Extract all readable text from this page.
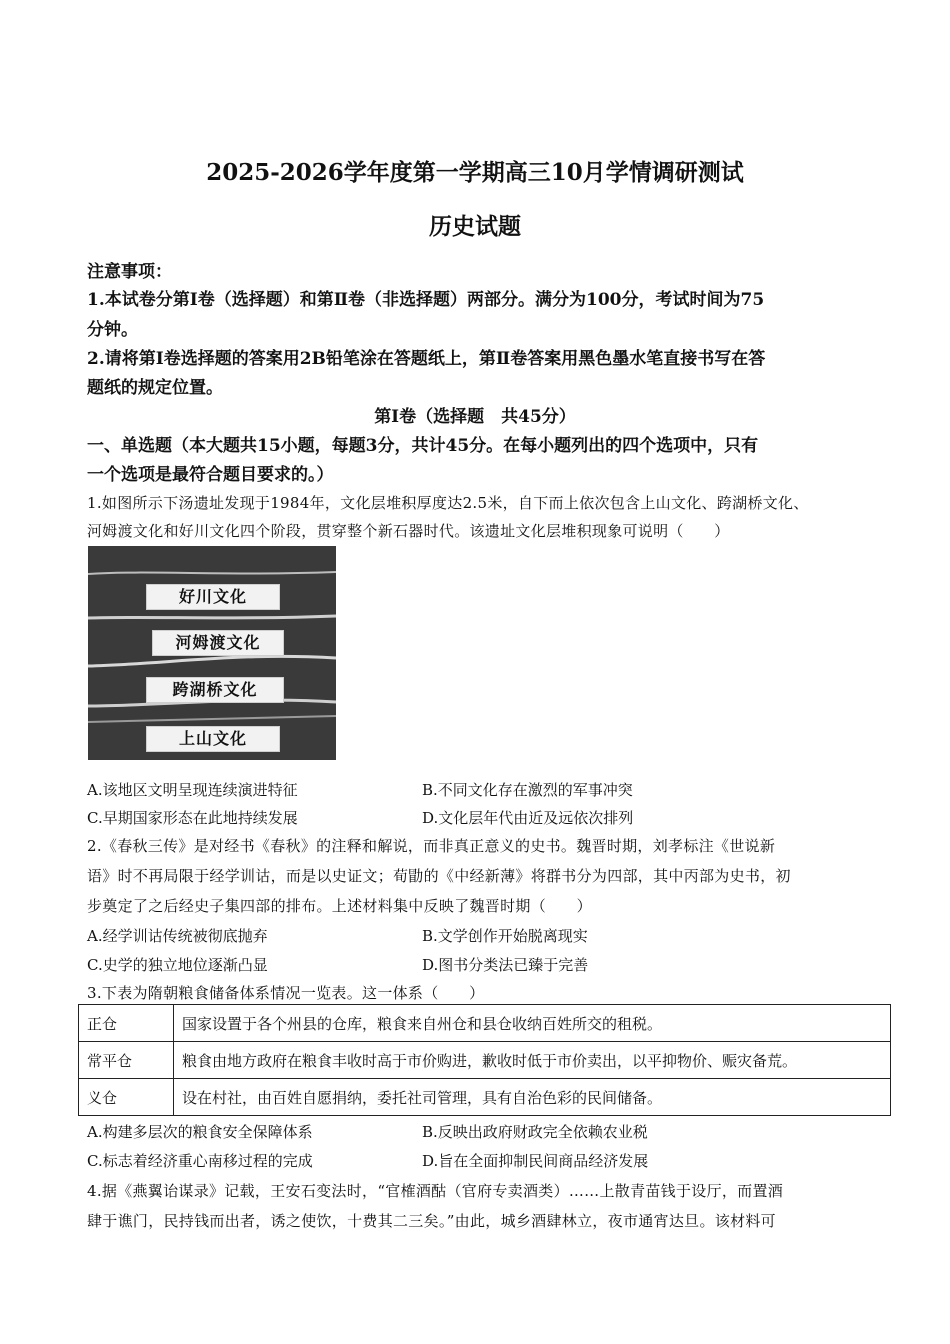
2025-2026学年度第一学期高三10月学情调研测试
历史试题
注意事项：
1.本试卷分第Ⅰ卷（选择题）和第Ⅱ卷（非选择题）两部分。满分为100分，考试时间为75
分钟。
2.请将第Ⅰ卷选择题的答案用2B铅笔涂在答题纸上，第Ⅱ卷答案用黑色墨水笔直接书写在答
题纸的规定位置。
第Ⅰ卷（选择题　共45分）
一、单选题（本大题共15小题，每题3分，共计45分。在每小题列出的四个选项中，只有
一个选项是最符合题目要求的。）
1.如图所示下汤遗址发现于1984年，文化层堆积厚度达2.5米，自下而上依次包含上山文化、跨湖桥文化、
河姆渡文化和好川文化四个阶段，贯穿整个新石器时代。该遗址文化层堆积现象可说明（　　）
好川文化
河姆渡文化
跨湖桥文化
上山文化
A.该地区文明呈现连续演进特征	B.不同文化存在激烈的军事冲突
C.早期国家形态在此地持续发展	D.文化层年代由近及远依次排列
2.《春秋三传》是对经书《春秋》的注释和解说，而非真正意义的史书。魏晋时期，刘孝标注《世说新
语》时不再局限于经学训诂，而是以史证文；荀勖的《中经新薄》将群书分为四部，其中丙部为史书，初
步奠定了之后经史子集四部的排布。上述材料集中反映了魏晋时期（　　）
A.经学训诂传统被彻底抛弃	B.文学创作开始脱离现实
C.史学的独立地位逐渐凸显	D.图书分类法已臻于完善
3.下表为隋朝粮食储备体系情况一览表。这一体系（　　）
正仓	国家设置于各个州县的仓库，粮食来自州仓和县仓收纳百姓所交的租税。
常平仓	粮食由地方政府在粮食丰收时高于市价购进，歉收时低于市价卖出，以平抑物价、赈灾备荒。
义仓	设在村社，由百姓自愿捐纳，委托社司管理，具有自治色彩的民间储备。
A.构建多层次的粮食安全保障体系	B.反映出政府财政完全依赖农业税
C.标志着经济重心南移过程的完成	D.旨在全面抑制民间商品经济发展
4.据《燕翼诒谋录》记载，王安石变法时，“官榷酒酤（官府专卖酒类）……上散青苗钱于设厅，而置酒
肆于谯门，民持钱而出者，诱之使饮，十费其二三矣。”由此，城乡酒肆林立，夜市通宵达旦。该材料可
